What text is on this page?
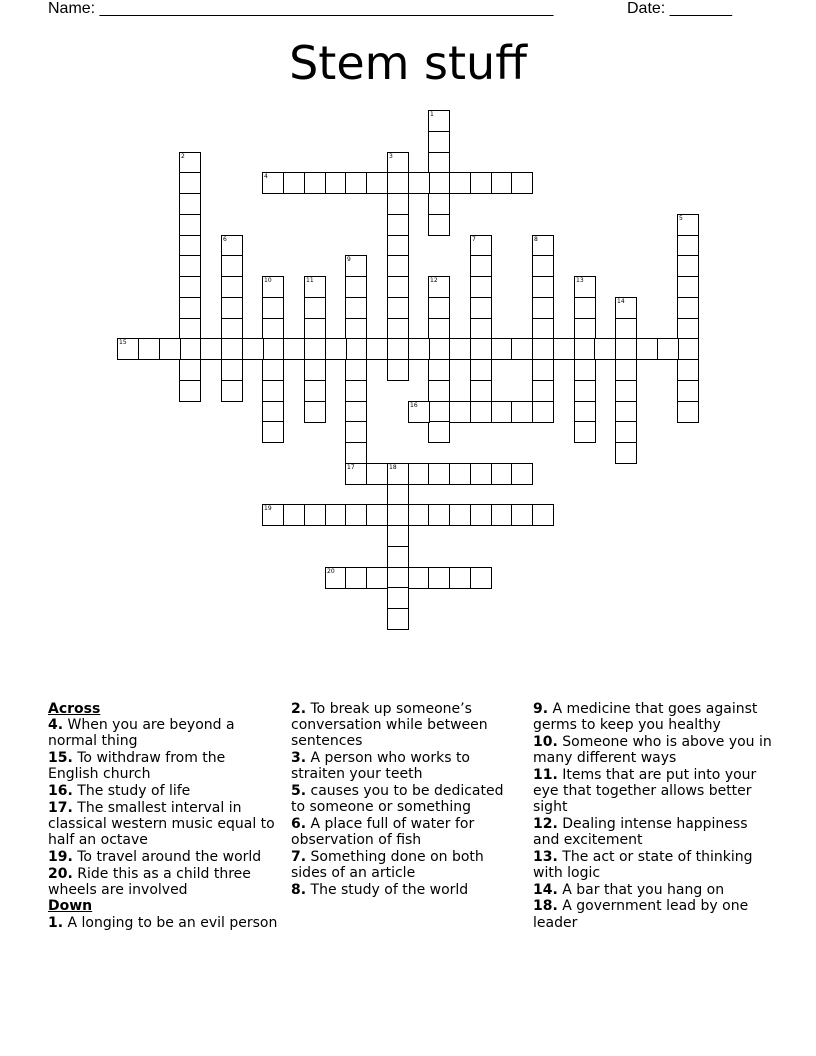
Name: ___________________________________________________	Date: _______
Stem stuff
1
2	3
4
5
6	7	8
9
10	11	12	13
14
15
16
17	18
19
20
Across
4. When you are beyond a normal thing
15. To withdraw from the English church
16. The study of life
17. The smallest interval in classical western music equal to half an octave
19. To travel around the world
20. Ride this as a child three wheels are involved
Down
1. A longing to be an evil person
2. To break up someone’s conversation while between sentences
3. A person who works to straiten your teeth
5. causes you to be dedicated to someone or something
6. A place full of water for observation of fish
7. Something done on both sides of an article
8. The study of the world
9. A medicine that goes against germs to keep you healthy
10. Someone who is above you in many different ways
11. Items that are put into your eye that together allows better sight
12. Dealing intense happiness and excitement
13. The act or state of thinking with logic
14. A bar that you hang on
18. A government lead by one leader
